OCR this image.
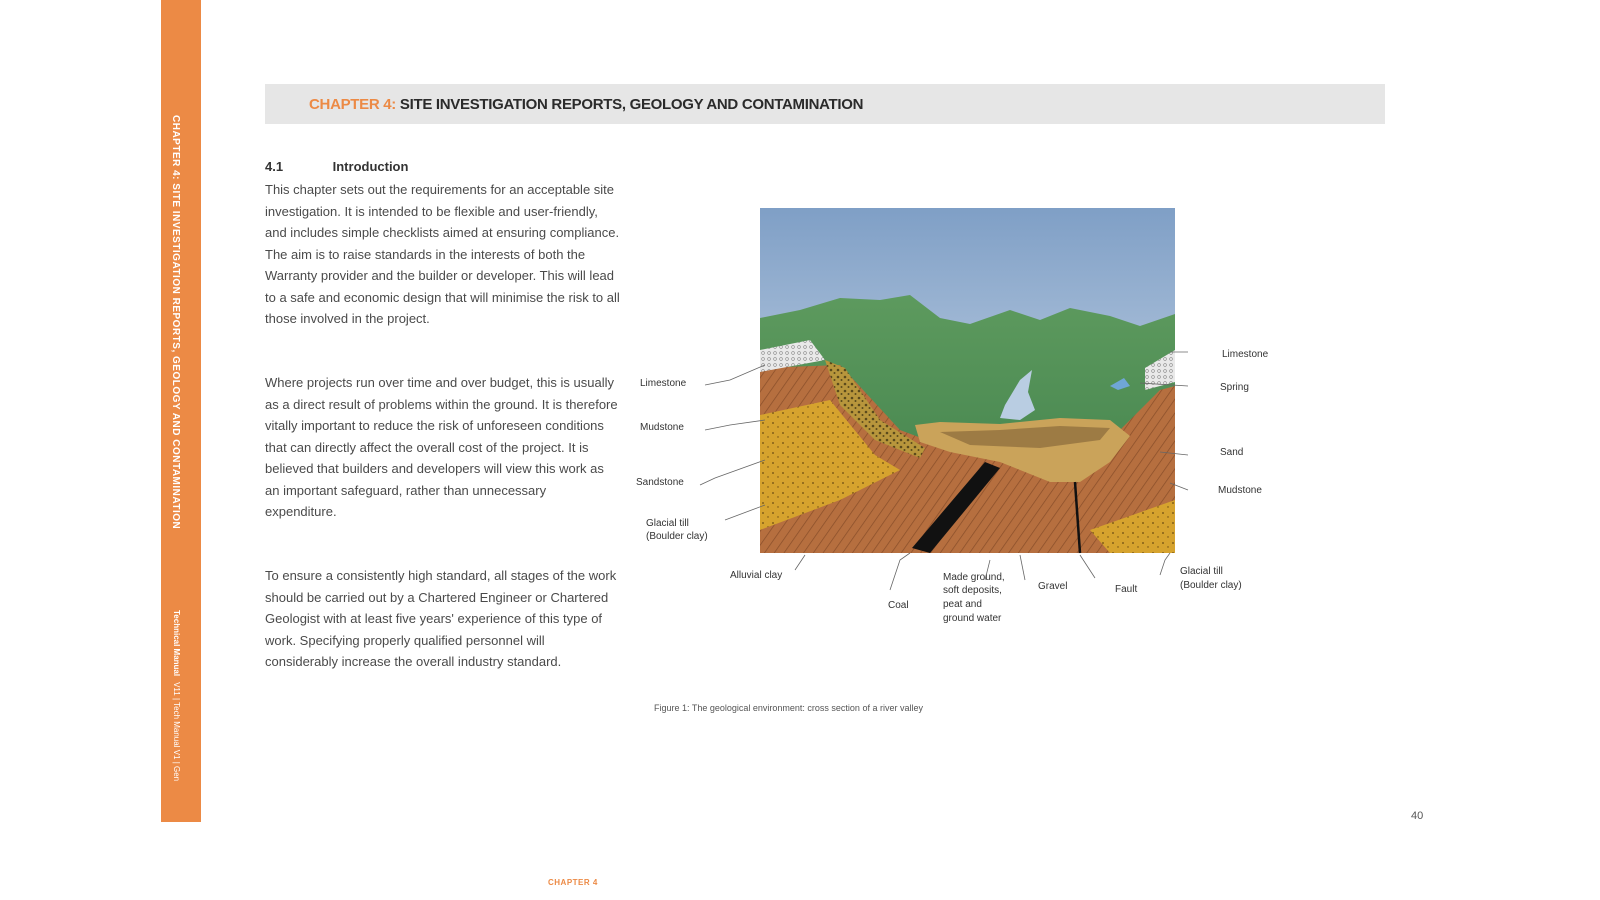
CHAPTER 4: SITE INVESTIGATION REPORTS, GEOLOGY AND CONTAMINATION
Technical ManualV11 | Tech Manual V1 | Gen
CHAPTER 4: SITE INVESTIGATION REPORTS, GEOLOGY AND CONTAMINATION
4.1	Introduction

This chapter sets out the requirements for an acceptable site investigation. It is intended to be flexible and user-friendly, and includes simple checklists aimed at ensuring compliance. The aim is to raise standards in the interests of both the Warranty provider and the builder or developer. This will lead to a safe and economic design that will minimise the risk to all those involved in the project.

Where projects run over time and over budget, this is usually as a direct result of problems within the ground. It is therefore vitally important to reduce the risk of unforeseen conditions that can directly affect the overall cost of the project. It is believed that builders and developers will view this work as an important safeguard, rather than unnecessary expenditure.

To ensure a consistently high standard, all stages of the work should be carried out by a Chartered Engineer or Chartered Geologist with at least five years' experience of this type of work. Specifying properly qualified personnel will considerably increase the overall industry standard.

Limestone
Mudstone
Sandstone
Glacial till
(Boulder clay)
Alluvial clay
Coal
Made ground,
soft deposits,
peat and
ground water
Gravel	Fault
Glacial till
(Boulder clay)
Limestone
Spring
Sand
Mudstone
Figure 1: The geological environment: cross section of a river valley
40
CHAPTER 4
